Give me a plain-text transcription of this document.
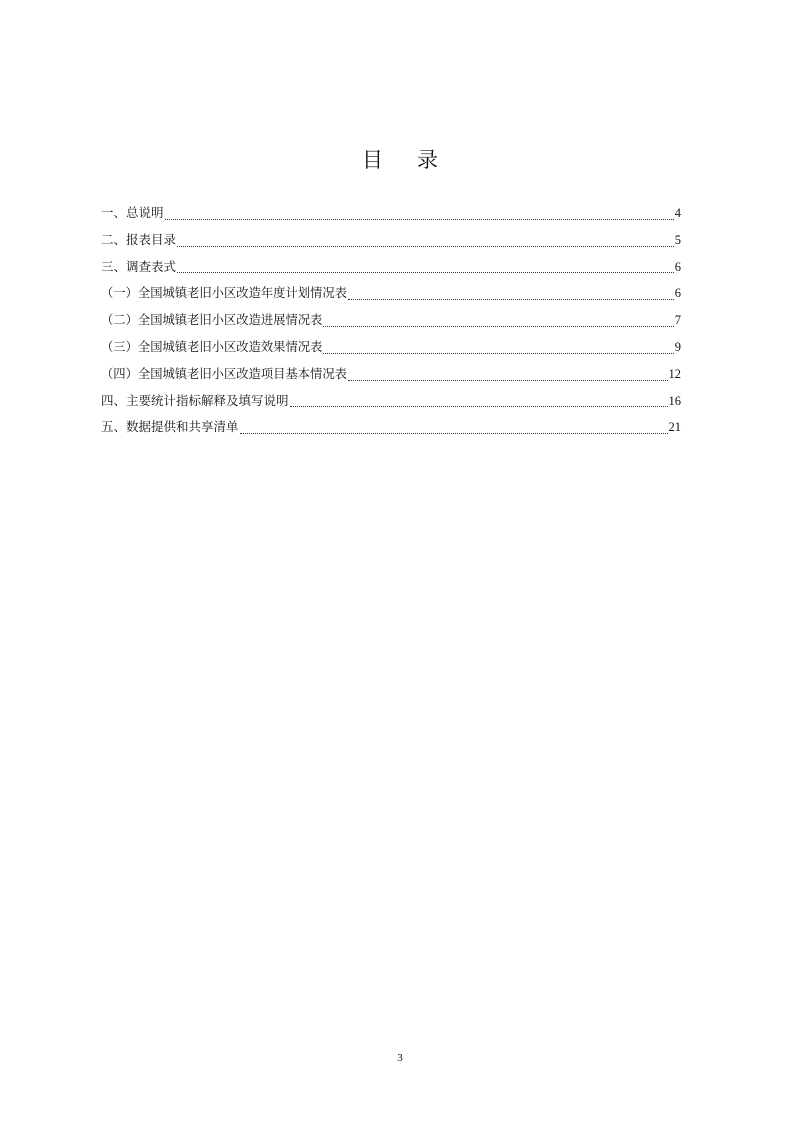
目 录
一、总说明	4
二、报表目录	5
三、调查表式	6
（一）全国城镇老旧小区改造年度计划情况表	6
（二）全国城镇老旧小区改造进展情况表	7
（三）全国城镇老旧小区改造效果情况表	9
（四）全国城镇老旧小区改造项目基本情况表	12
四、主要统计指标解释及填写说明	16
五、数据提供和共享清单	21
3
